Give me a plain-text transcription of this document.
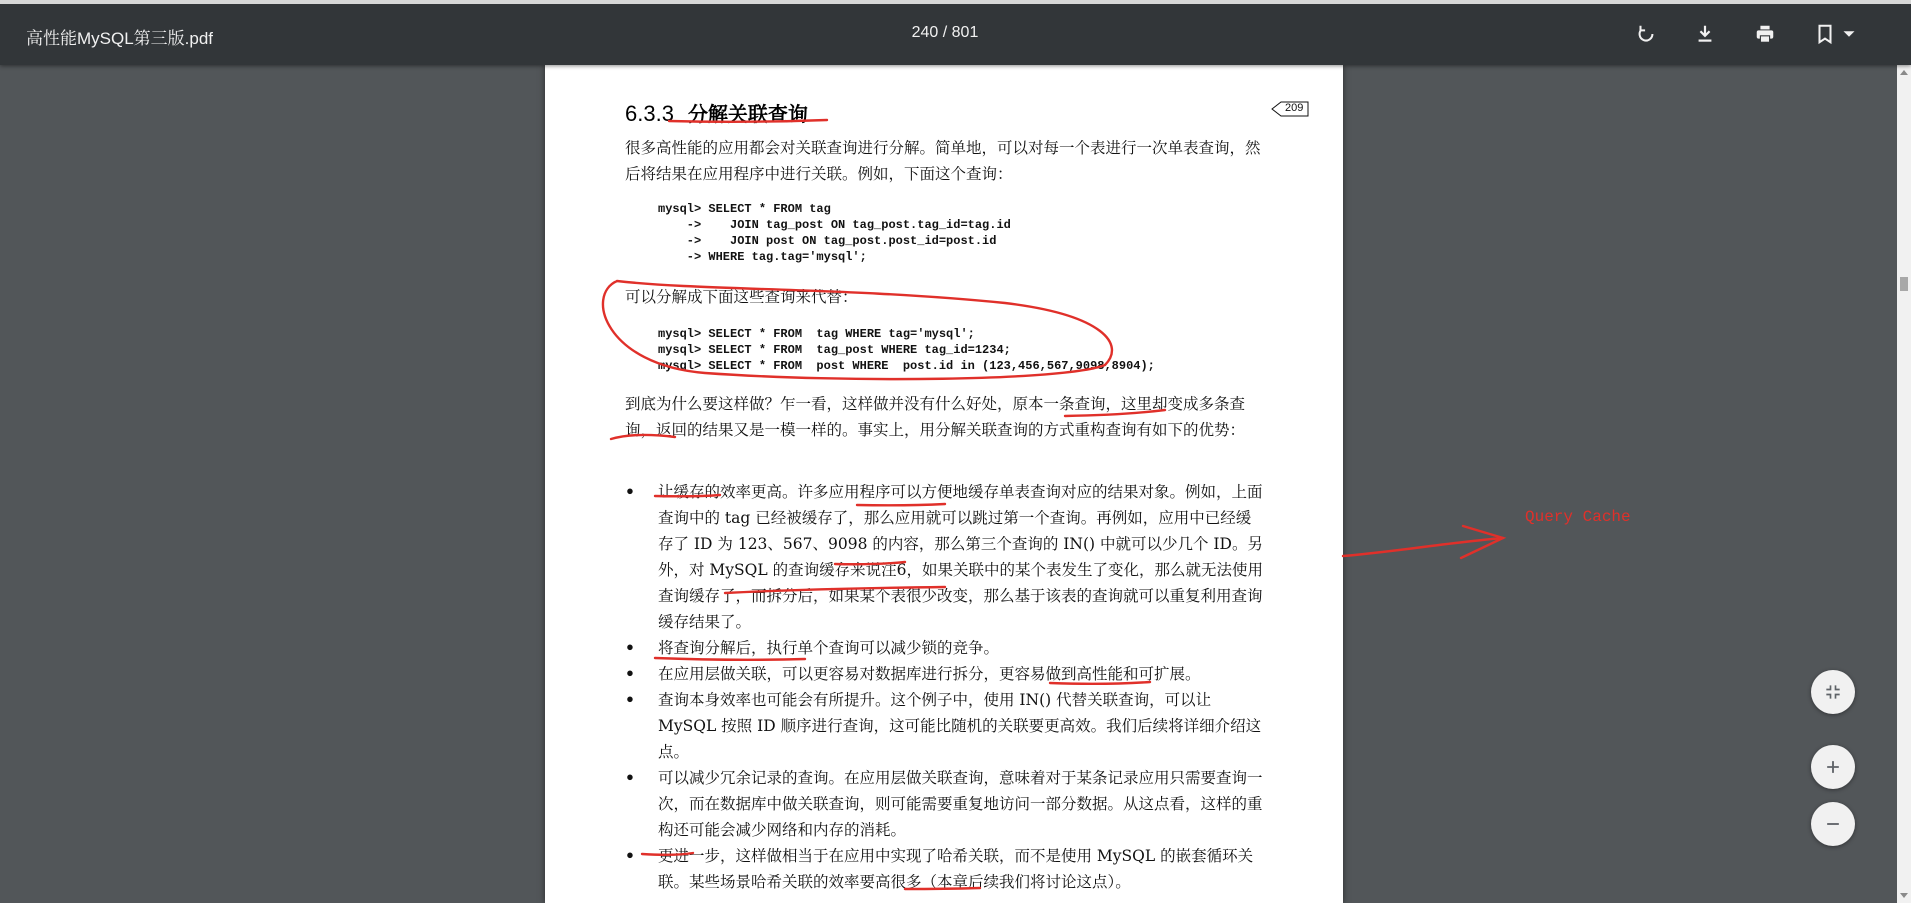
高性能MySQL第三版.pdf	240 / 801
6.3.3 分解关联查询
很多高性能的应用都会对关联查询进行分解。简单地，可以对每一个表进行一次单表查询，然后将结果在应用程序中进行关联。例如，下面这个查询：
mysql> SELECT * FROM tag
->    JOIN tag_post ON tag_post.tag_id=tag.id
->    JOIN post ON tag_post.post_id=post.id
-> WHERE tag.tag='mysql';
可以分解成下面这些查询来代替：
mysql> SELECT * FROM  tag WHERE tag='mysql';
mysql> SELECT * FROM  tag_post WHERE tag_id=1234;
mysql> SELECT * FROM  post WHERE  post.id in (123,456,567,9098,8904);
到底为什么要这样做？乍一看，这样做并没有什么好处，原本一条查询，这里却变成多条查询，返回的结果又是一模一样的。事实上，用分解关联查询的方式重构查询有如下的优势：
• 让缓存的效率更高。许多应用程序可以方便地缓存单表查询对应的结果对象。例如，上面查询中的 tag 已经被缓存了，那么应用就可以跳过第一个查询。再例如，应用中已经缓存了 ID 为 123、567、9098 的内容，那么第三个查询的 IN() 中就可以少几个 ID。另外，对 MySQL 的查询缓存来说注6，如果关联中的某个表发生了变化，那么就无法使用查询缓存了，而拆分后，如果某个表很少改变，那么基于该表的查询就可以重复利用查询缓存结果了。
• 将查询分解后，执行单个查询可以减少锁的竞争。
• 在应用层做关联，可以更容易对数据库进行拆分，更容易做到高性能和可扩展。
• 查询本身效率也可能会有所提升。这个例子中，使用 IN() 代替关联查询，可以让 MySQL 按照 ID 顺序进行查询，这可能比随机的关联要更高效。我们后续将详细介绍这点。
• 可以减少冗余记录的查询。在应用层做关联查询，意味着对于某条记录应用只需要查询一次，而在数据库中做关联查询，则可能需要重复地访问一部分数据。从这点看，这样的重构还可能会减少网络和内存的消耗。
• 更进一步，这样做相当于在应用中实现了哈希关联，而不是使用 MySQL 的嵌套循环关联。某些场景哈希关联的效率要高很多（本章后续我们将讨论这点）。
209
Query Cache
